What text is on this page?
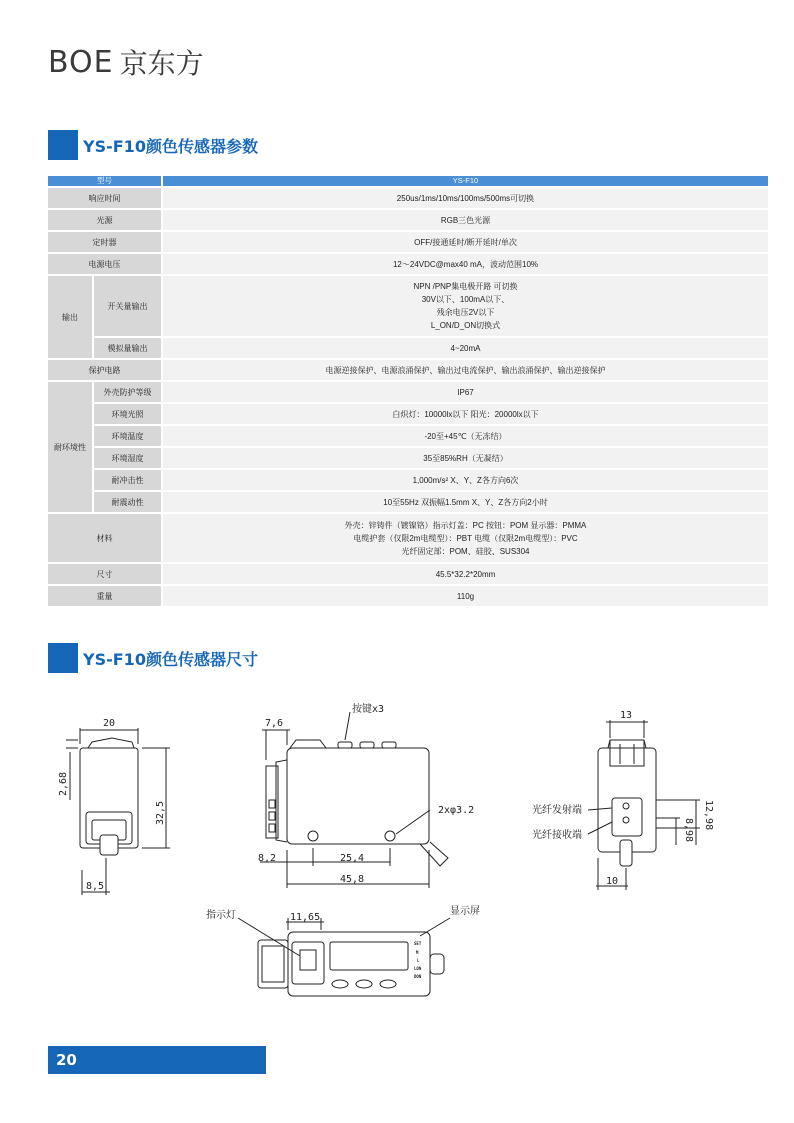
BOE 京东方
YS-F10颜色传感器参数
型号		YS-F10
响应时间		250us/1ms/10ms/100ms/500ms可切换
光源		RGB三色光源
定时器		OFF/接通延时/断开延时/单次
电源电压		12～24VDC@max40 mA，波动范围10%
输出	开关量输出	NPN /PNP集电极开路 可切换
30V以下、100mA以下、
残余电压2V以下
L_ON/D_ON切换式

	模拟量输出	4~20mA
保护电路		电源逆接保护、电源浪涌保护、输出过电流保护、输出浪涌保护、输出逆接保护
耐环境性	外壳防护等级	IP67
	环境光照	白炽灯：10000lx以下 阳光：20000lx以下
	环境温度	-20至+45℃（无冻结）
	环境湿度	35至85%RH（无凝结）
	耐冲击性	1,000m/s² X、Y、Z各方向6次
	耐震动性	10至55Hz 双振幅1.5mm X、Y、Z各方向2小时
材料		外壳：锌铸件（镀镍铬）指示灯盖：PC 按钮：POM 显示器：PMMA
电缆护套（仅限2m电缆型）：PBT 电缆（仅限2m电缆型）：PVC
光纤固定部：POM、硅胶、SUS304

尺寸		45.5*32.2*20mm
重量		110g
YS-F10颜色传感器尺寸
20
2,68
32,5
8,5
按键x3
7,6
2xφ3.2
8,2	25,4
45,8
13
光纤发射端
光纤接收端
12,98
8,98
10
指示灯	11,65
显示屏
SET
M
L
LON
DON
20
